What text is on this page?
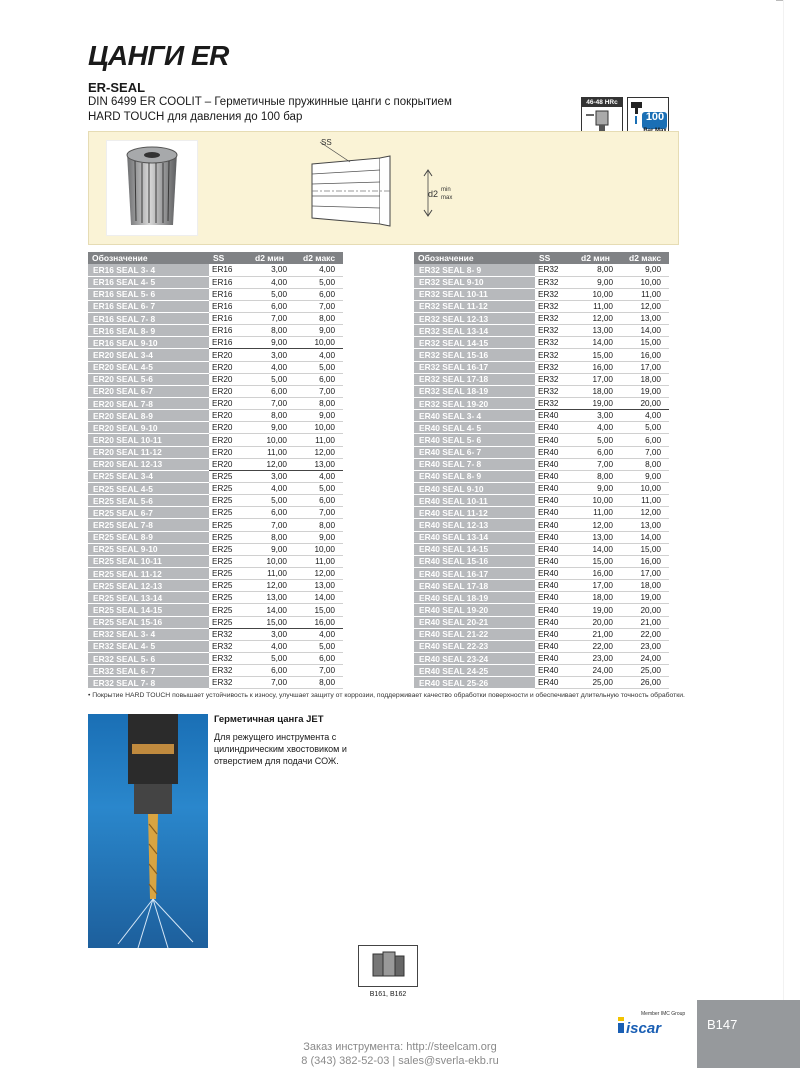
ЦАНГИ ER
ER-SEAL
DIN 6499 ER COOLIT – Герметичные пружинные цанги с покрытием
HARD TOUCH для давления до 100 бар
46-48 HRc
100
SS
d2 min
max
Обозначение	SS	d2 мин	d2 макс
ER16 SEAL 3- 4	ER16	3,00	4,00
ER16 SEAL 4- 5	ER16	4,00	5,00
ER16 SEAL 5- 6	ER16	5,00	6,00
ER16 SEAL 6- 7	ER16	6,00	7,00
ER16 SEAL 7- 8	ER16	7,00	8,00
ER16 SEAL 8- 9	ER16	8,00	9,00
ER16 SEAL 9-10	ER16	9,00	10,00
ER20 SEAL 3-4	ER20	3,00	4,00
ER20 SEAL 4-5	ER20	4,00	5,00
ER20 SEAL 5-6	ER20	5,00	6,00
ER20 SEAL 6-7	ER20	6,00	7,00
ER20 SEAL 7-8	ER20	7,00	8,00
ER20 SEAL 8-9	ER20	8,00	9,00
ER20 SEAL 9-10	ER20	9,00	10,00
ER20 SEAL 10-11	ER20	10,00	11,00
ER20 SEAL 11-12	ER20	11,00	12,00
ER20 SEAL 12-13	ER20	12,00	13,00
ER25 SEAL 3-4	ER25	3,00	4,00
ER25 SEAL 4-5	ER25	4,00	5,00
ER25 SEAL 5-6	ER25	5,00	6,00
ER25 SEAL 6-7	ER25	6,00	7,00
ER25 SEAL 7-8	ER25	7,00	8,00
ER25 SEAL 8-9	ER25	8,00	9,00
ER25 SEAL 9-10	ER25	9,00	10,00
ER25 SEAL 10-11	ER25	10,00	11,00
ER25 SEAL 11-12	ER25	11,00	12,00
ER25 SEAL 12-13	ER25	12,00	13,00
ER25 SEAL 13-14	ER25	13,00	14,00
ER25 SEAL 14-15	ER25	14,00	15,00
ER25 SEAL 15-16	ER25	15,00	16,00
ER32 SEAL 3- 4	ER32	3,00	4,00
ER32 SEAL 4- 5	ER32	4,00	5,00
ER32 SEAL 5- 6	ER32	5,00	6,00
ER32 SEAL 6- 7	ER32	6,00	7,00
ER32 SEAL 7- 8	ER32	7,00	8,00
Обозначение	SS	d2 мин	d2 макс
ER32 SEAL 8- 9	ER32	8,00	9,00
ER32 SEAL 9-10	ER32	9,00	10,00
ER32 SEAL 10-11	ER32	10,00	11,00
ER32 SEAL 11-12	ER32	11,00	12,00
ER32 SEAL 12-13	ER32	12,00	13,00
ER32 SEAL 13-14	ER32	13,00	14,00
ER32 SEAL 14-15	ER32	14,00	15,00
ER32 SEAL 15-16	ER32	15,00	16,00
ER32 SEAL 16-17	ER32	16,00	17,00
ER32 SEAL 17-18	ER32	17,00	18,00
ER32 SEAL 18-19	ER32	18,00	19,00
ER32 SEAL 19-20	ER32	19,00	20,00
ER40 SEAL 3- 4	ER40	3,00	4,00
ER40 SEAL 4- 5	ER40	4,00	5,00
ER40 SEAL 5- 6	ER40	5,00	6,00
ER40 SEAL 6- 7	ER40	6,00	7,00
ER40 SEAL 7- 8	ER40	7,00	8,00
ER40 SEAL 8- 9	ER40	8,00	9,00
ER40 SEAL 9-10	ER40	9,00	10,00
ER40 SEAL 10-11	ER40	10,00	11,00
ER40 SEAL 11-12	ER40	11,00	12,00
ER40 SEAL 12-13	ER40	12,00	13,00
ER40 SEAL 13-14	ER40	13,00	14,00
ER40 SEAL 14-15	ER40	14,00	15,00
ER40 SEAL 15-16	ER40	15,00	16,00
ER40 SEAL 16-17	ER40	16,00	17,00
ER40 SEAL 17-18	ER40	17,00	18,00
ER40 SEAL 18-19	ER40	18,00	19,00
ER40 SEAL 19-20	ER40	19,00	20,00
ER40 SEAL 20-21	ER40	20,00	21,00
ER40 SEAL 21-22	ER40	21,00	22,00
ER40 SEAL 22-23	ER40	22,00	23,00
ER40 SEAL 23-24	ER40	23,00	24,00
ER40 SEAL 24-25	ER40	24,00	25,00
ER40 SEAL 25-26	ER40	25,00	26,00
• Покрытие HARD TOUCH повышает устойчивость к износу, улучшает защиту от коррозии, поддерживает качество обработки поверхности и обеспечивает длительную точность обработки.
Герметичная цанга JET
Для режущего инструмента с цилиндрическим хвостовиком и отверстием для подачи СОЖ.
B161, B162
Member IMC Group
iscar	B147
Заказ инструмента: http://steelcam.org
8 (343) 382-52-03 | sales@sverla-ekb.ru
